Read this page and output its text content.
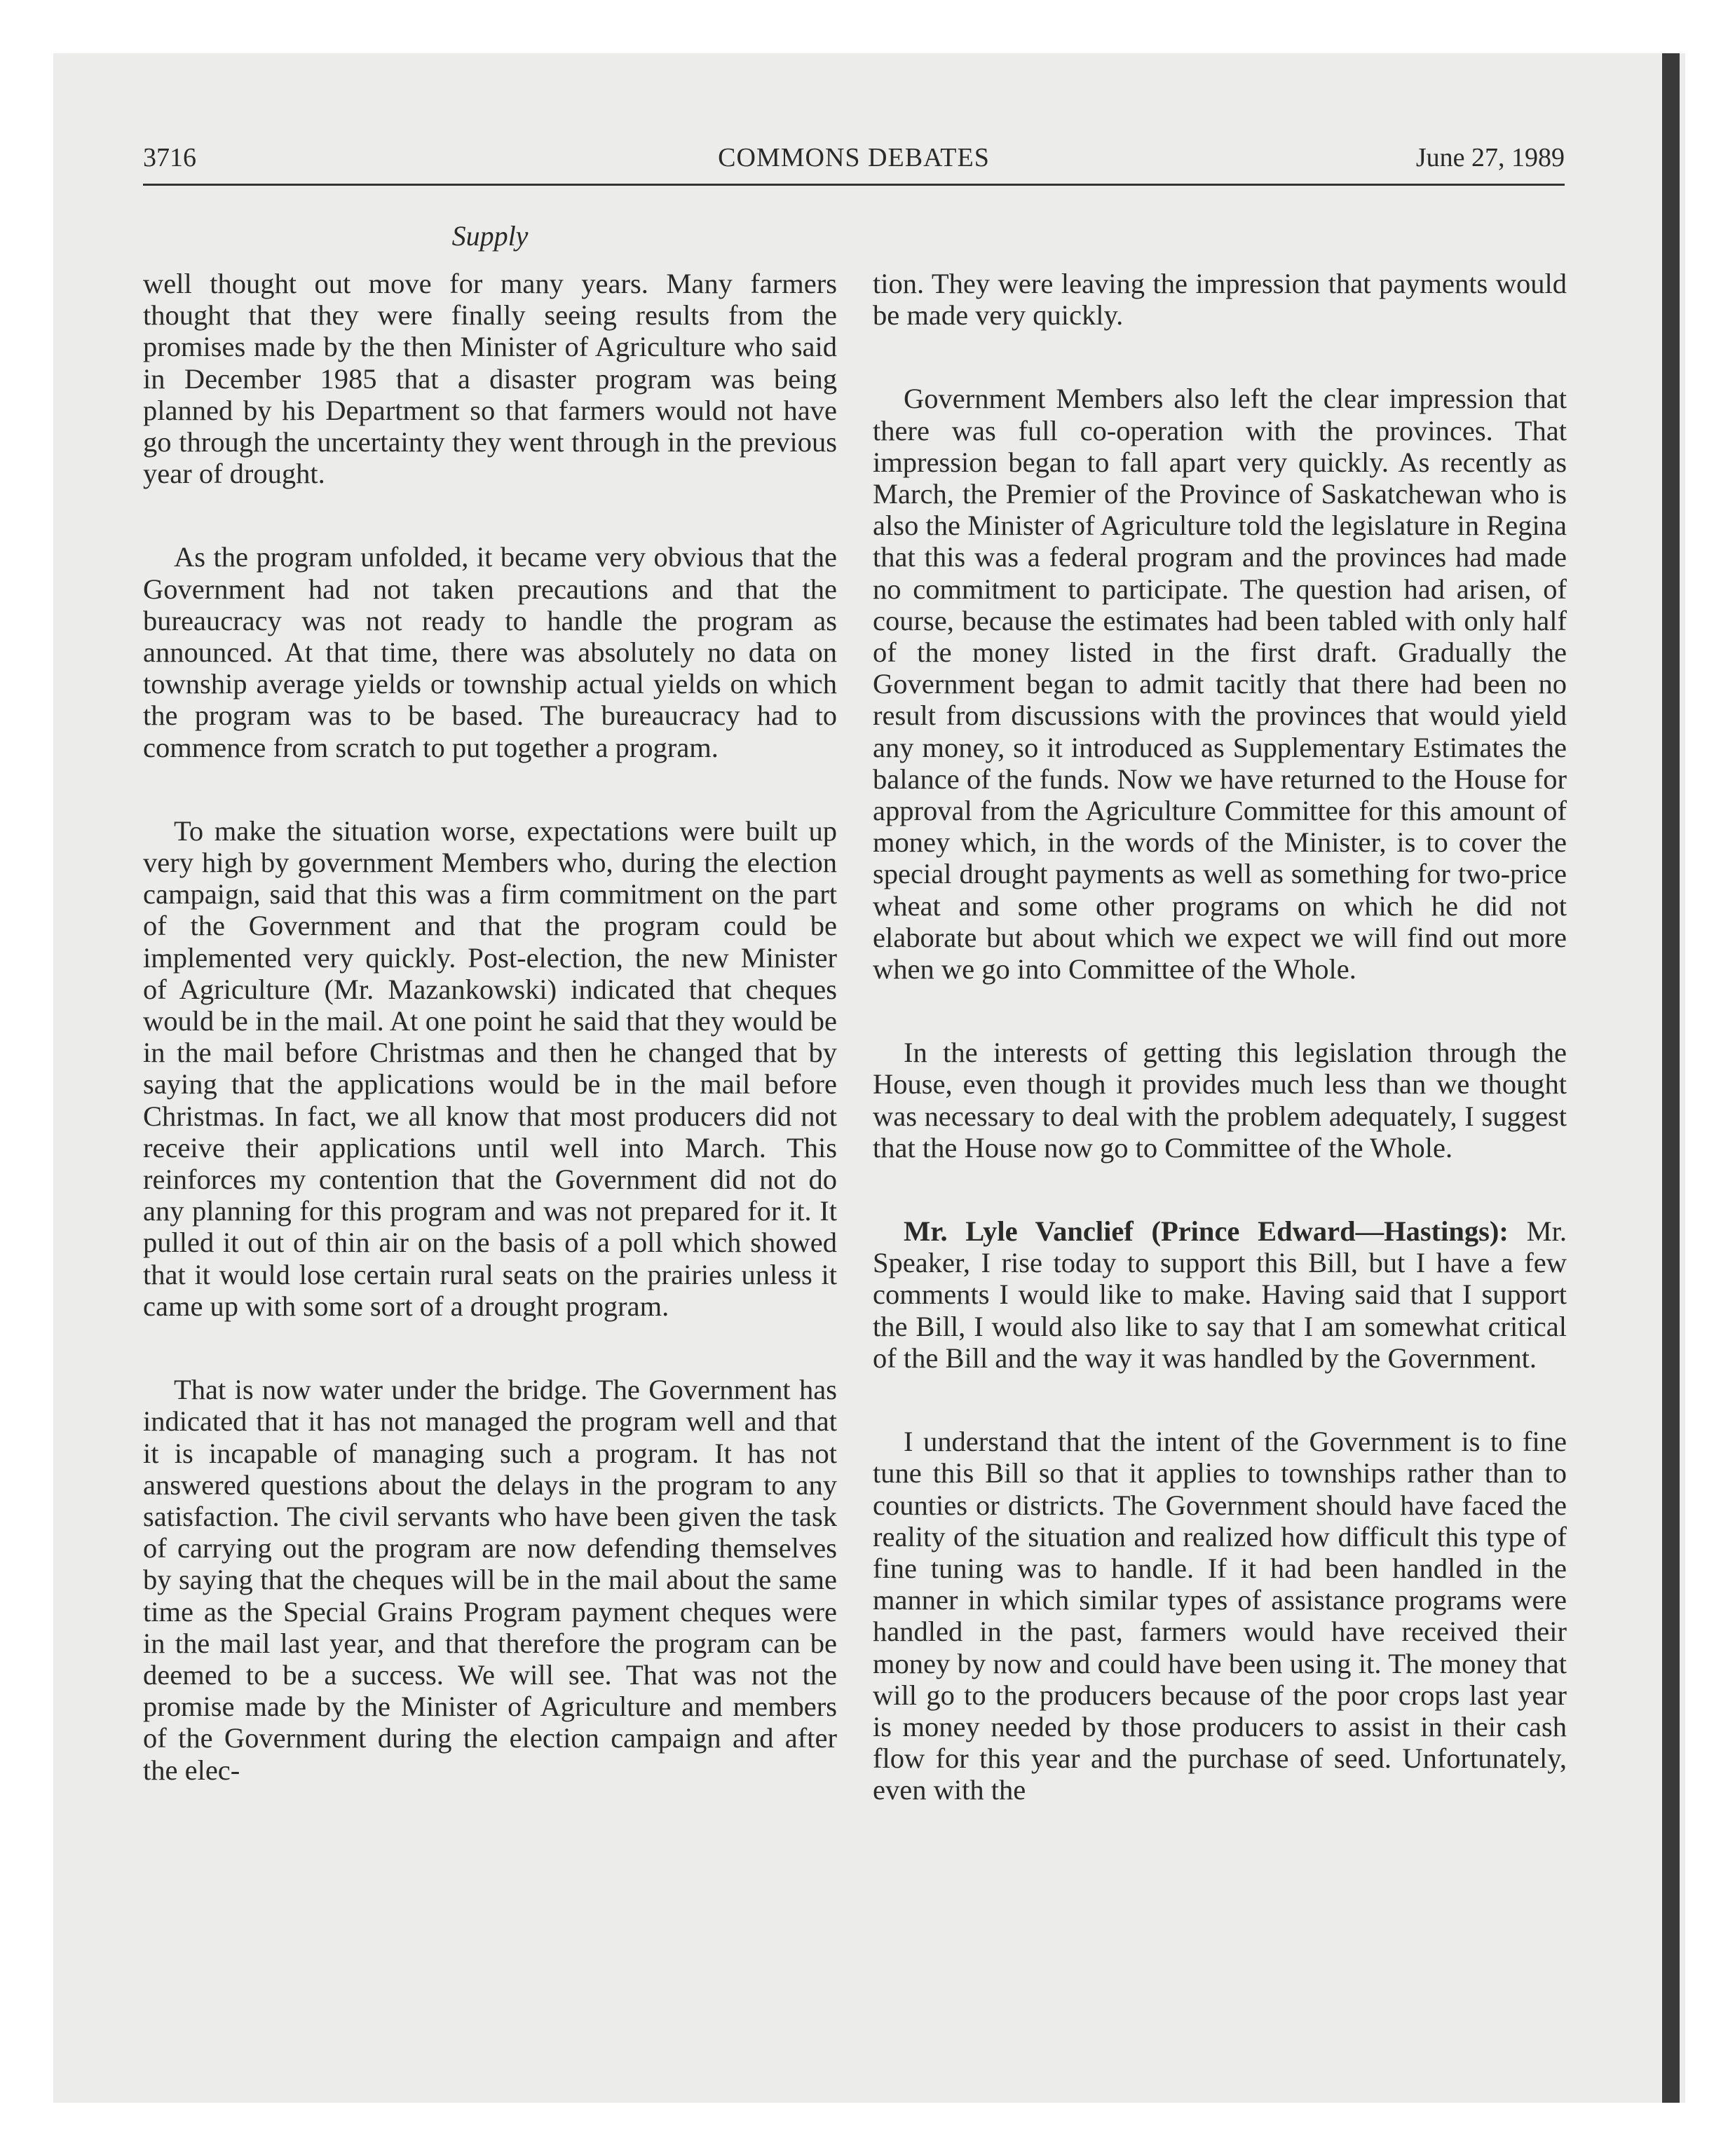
3716	COMMONS DEBATES	June 27, 1989
Supply

well thought out move for many years. Many farmers thought that they were finally seeing results from the promises made by the then Minister of Agriculture who said in December 1985 that a disaster program was being planned by his Department so that farmers would not have go through the uncertainty they went through in the previous year of drought.

As the program unfolded, it became very obvious that the Government had not taken precautions and that the bureaucracy was not ready to handle the program as announced. At that time, there was absolutely no data on township average yields or township actual yields on which the program was to be based. The bureaucracy had to commence from scratch to put together a program.

To make the situation worse, expectations were built up very high by government Members who, during the election campaign, said that this was a firm commitment on the part of the Government and that the program could be implemented very quickly. Post-election, the new Minister of Agriculture (Mr. Mazankowski) indicated that cheques would be in the mail. At one point he said that they would be in the mail before Christmas and then he changed that by saying that the applications would be in the mail before Christmas. In fact, we all know that most producers did not receive their applications until well into March. This reinforces my contention that the Government did not do any planning for this program and was not prepared for it. It pulled it out of thin air on the basis of a poll which showed that it would lose certain rural seats on the prairies unless it came up with some sort of a drought program.

That is now water under the bridge. The Government has indicated that it has not managed the program well and that it is incapable of managing such a program. It has not answered questions about the delays in the program to any satisfaction. The civil servants who have been given the task of carrying out the program are now defending themselves by saying that the cheques will be in the mail about the same time as the Special Grains Program payment cheques were in the mail last year, and that therefore the program can be deemed to be a success. We will see. That was not the promise made by the Minister of Agriculture and members of the Government during the election campaign and after the elec-

tion. They were leaving the impression that payments would be made very quickly.

Government Members also left the clear impression that there was full co-operation with the provinces. That impression began to fall apart very quickly. As recently as March, the Premier of the Province of Saskatchewan who is also the Minister of Agriculture told the legislature in Regina that this was a federal program and the provinces had made no commitment to participate. The question had arisen, of course, because the estimates had been tabled with only half of the money listed in the first draft. Gradually the Government began to admit tacitly that there had been no result from discussions with the provinces that would yield any money, so it introduced as Supplementary Estimates the balance of the funds. Now we have returned to the House for approval from the Agriculture Committee for this amount of money which, in the words of the Minister, is to cover the special drought payments as well as something for two-price wheat and some other programs on which he did not elaborate but about which we expect we will find out more when we go into Committee of the Whole.

In the interests of getting this legislation through the House, even though it provides much less than we thought was necessary to deal with the problem adequately, I suggest that the House now go to Committee of the Whole.

Mr. Lyle Vanclief (Prince Edward—Hastings): Mr. Speaker, I rise today to support this Bill, but I have a few comments I would like to make. Having said that I support the Bill, I would also like to say that I am somewhat critical of the Bill and the way it was handled by the Government.

I understand that the intent of the Government is to fine tune this Bill so that it applies to townships rather than to counties or districts. The Government should have faced the reality of the situation and realized how difficult this type of fine tuning was to handle. If it had been handled in the manner in which similar types of assistance programs were handled in the past, farmers would have received their money by now and could have been using it. The money that will go to the producers because of the poor crops last year is money needed by those producers to assist in their cash flow for this year and the purchase of seed. Unfortunately, even with the
